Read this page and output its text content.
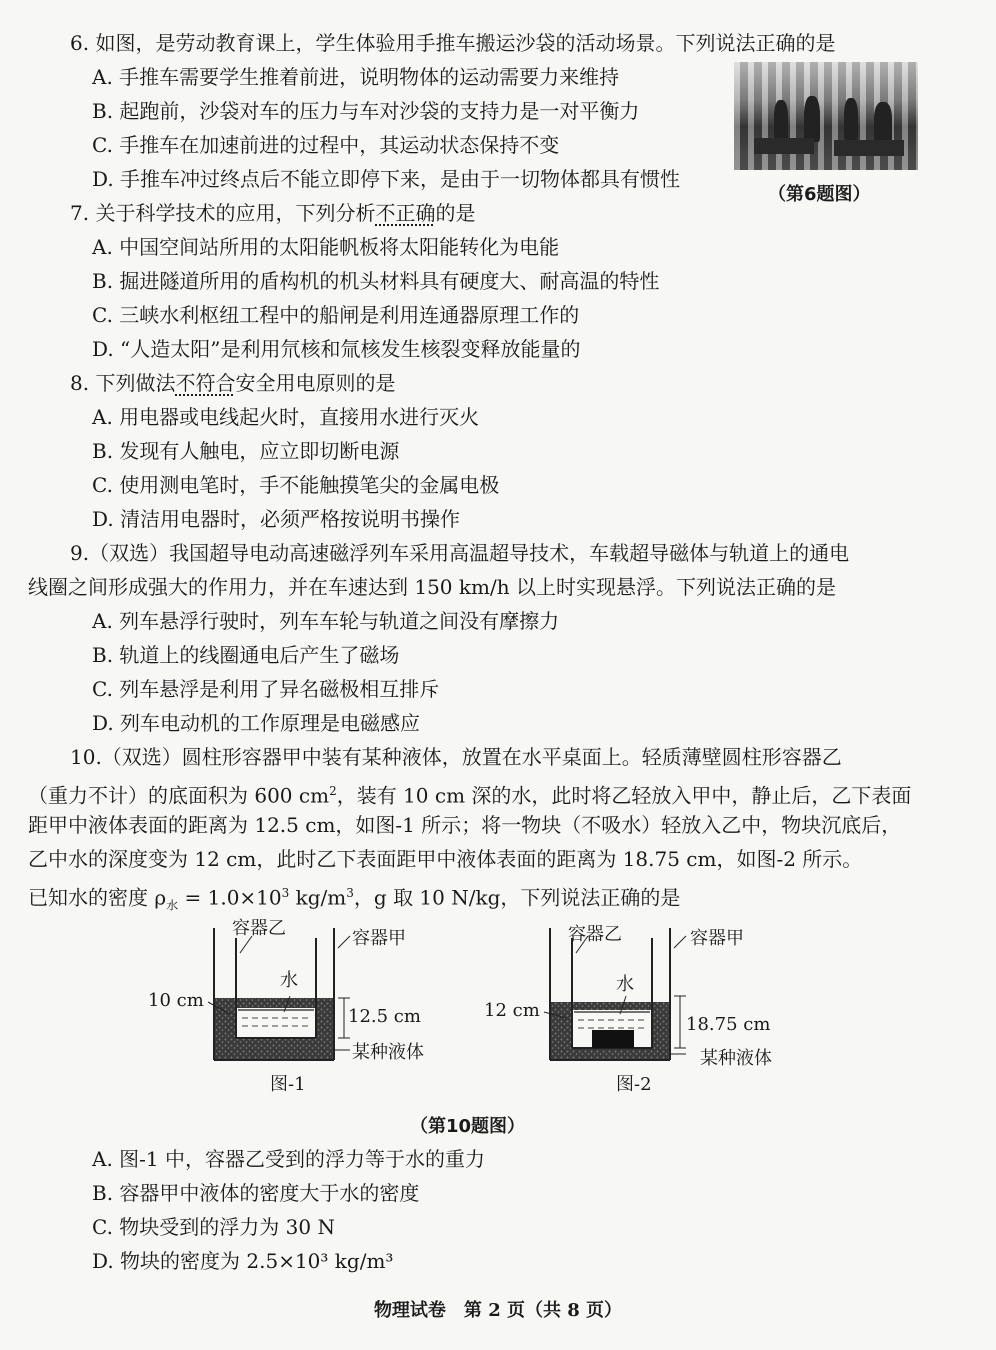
6. 如图，是劳动教育课上，学生体验用手推车搬运沙袋的活动场景。下列说法正确的是
A. 手推车需要学生推着前进，说明物体的运动需要力来维持
B. 起跑前，沙袋对车的压力与车对沙袋的支持力是一对平衡力
C. 手推车在加速前进的过程中，其运动状态保持不变
D. 手推车冲过终点后不能立即停下来，是由于一切物体都具有惯性
（第6题图）
7. 关于科学技术的应用，下列分析不正确的是
A. 中国空间站所用的太阳能帆板将太阳能转化为电能
B. 掘进隧道所用的盾构机的机头材料具有硬度大、耐高温的特性
C. 三峡水利枢纽工程中的船闸是利用连通器原理工作的
D. “人造太阳”是利用氘核和氚核发生核裂变释放能量的
8. 下列做法不符合安全用电原则的是
A. 用电器或电线起火时，直接用水进行灭火
B. 发现有人触电，应立即切断电源
C. 使用测电笔时，手不能触摸笔尖的金属电极
D. 清洁用电器时，必须严格按说明书操作
9.（双选）我国超导电动高速磁浮列车采用高温超导技术，车载超导磁体与轨道上的通电
线圈之间形成强大的作用力，并在车速达到 150 km/h 以上时实现悬浮。下列说法正确的是
A. 列车悬浮行驶时，列车车轮与轨道之间没有摩擦力
B. 轨道上的线圈通电后产生了磁场
C. 列车悬浮是利用了异名磁极相互排斥
D. 列车电动机的工作原理是电磁感应
10.（双选）圆柱形容器甲中装有某种液体，放置在水平桌面上。轻质薄壁圆柱形容器乙
（重力不计）的底面积为 600 $cm^2$，装有 10 cm 深的水，此时将乙轻放入甲中，静止后，乙下表面
距甲中液体表面的距离为 12.5 cm，如图-1 所示；将一物块（不吸水）轻放入乙中，物块沉底后，
乙中水的深度变为 12 cm，此时乙下表面距甲中液体表面的距离为 18.75 cm，如图-2 所示。
已知水的密度 $\rho_水 = 1.0\times 10^3$ $kg/m^3$，g 取 10 N/kg，下列说法正确的是
容器乙	容器甲
水
10 cm
12.5 cm
某种液体
图-1
容器乙	容器甲
水
12 cm
18.75 cm
某种液体
图-2
（第10题图）
A. 图-1 中，容器乙受到的浮力等于水的重力
B. 容器甲中液体的密度大于水的密度
C. 物块受到的浮力为 30 N
D. 物块的密度为 2.5×10³ kg/m³
物理试卷　第 2 页（共 8 页）
